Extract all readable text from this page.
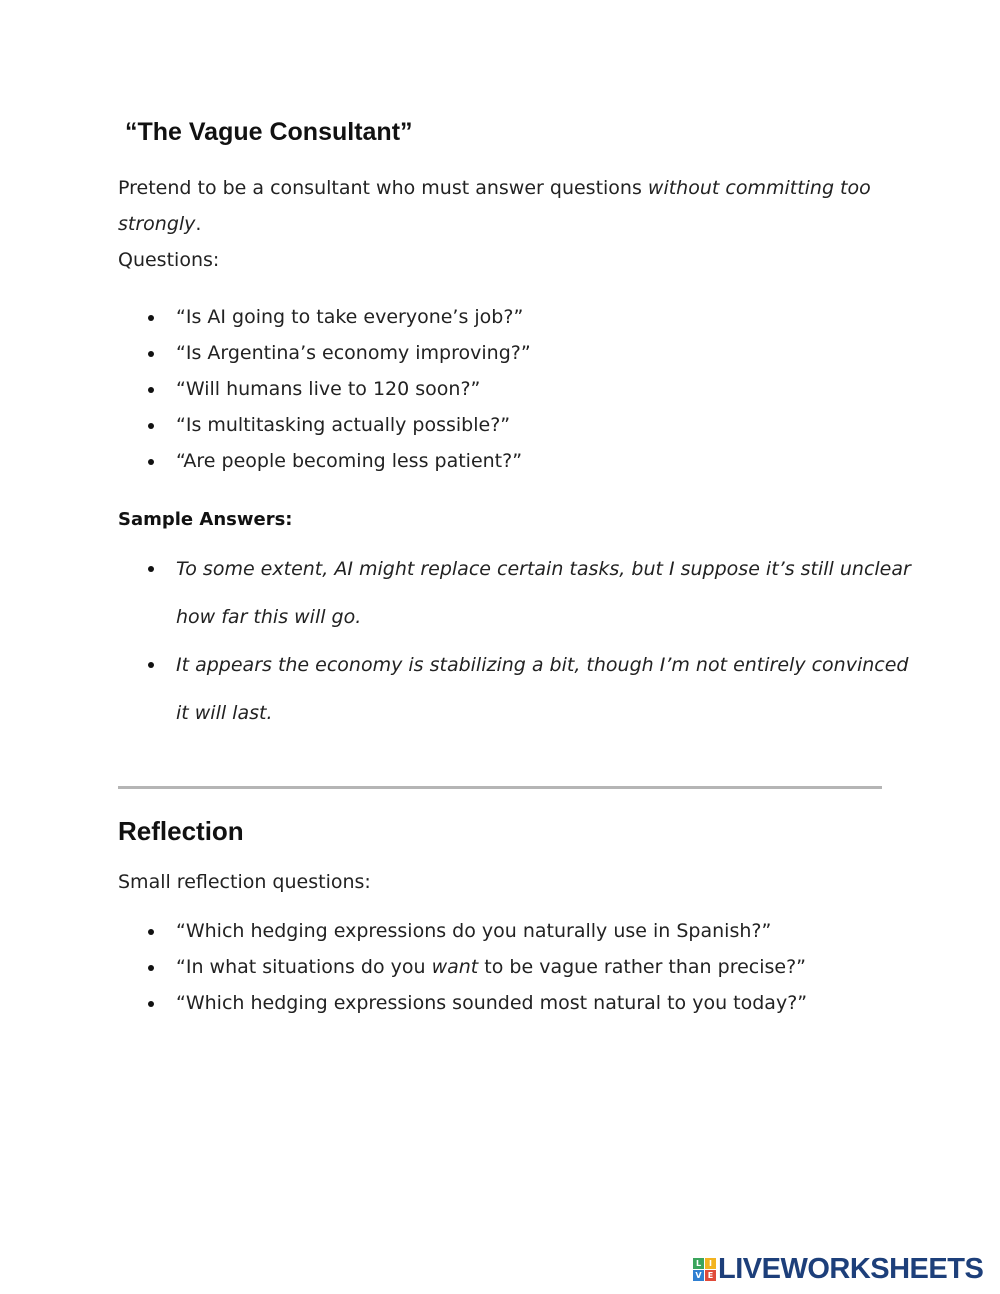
“The Vague Consultant”

Pretend to be a consultant who must answer questions without committing too strongly.
Questions:

“Is AI going to take everyone’s job?”
“Is Argentina’s economy improving?”
“Will humans live to 120 soon?”
“Is multitasking actually possible?”
“Are people becoming less patient?”

Sample Answers:

To some extent, AI might replace certain tasks, but I suppose it’s still unclear how far this will go.
It appears the economy is stabilizing a bit, though I’m not entirely convinced it will last.
Reflection

Small reflection questions:

“Which hedging expressions do you naturally use in Spanish?”
“In what situations do you want to be vague rather than precise?”
“Which hedging expressions sounded most natural to you today?”
L I
V E LIVEWORKSHEETS
